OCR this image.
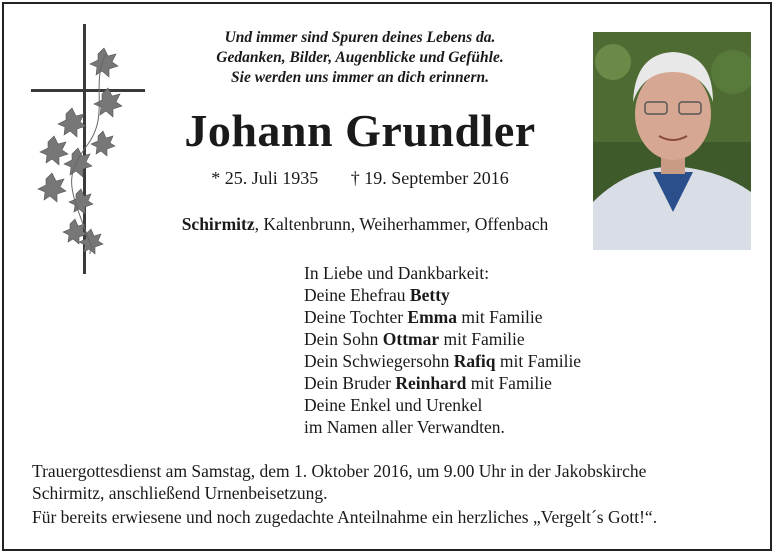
Und immer sind Spuren deines Lebens da.
Gedanken, Bilder, Augenblicke und Gefühle.
Sie werden uns immer an dich erinnern.
Johann Grundler
* 25. Juli 1935 † 19. September 2016
Schirmitz, Kaltenbrunn, Weiherhammer, Offenbach
In Liebe und Dankbarkeit:
Deine Ehefrau Betty
Deine Tochter Emma mit Familie
Dein Sohn Ottmar mit Familie
Dein Schwiegersohn Rafiq mit Familie
Dein Bruder Reinhard mit Familie
Deine Enkel und Urenkel
im Namen aller Verwandten.
Trauergottesdienst am Samstag, dem 1. Oktober 2016, um 9.00 Uhr in der Jakobskirche
Schirmitz, anschließend Urnenbeisetzung.
Für bereits erwiesene und noch zugedachte Anteilnahme ein herzliches „Vergelt´s Gott!“.
